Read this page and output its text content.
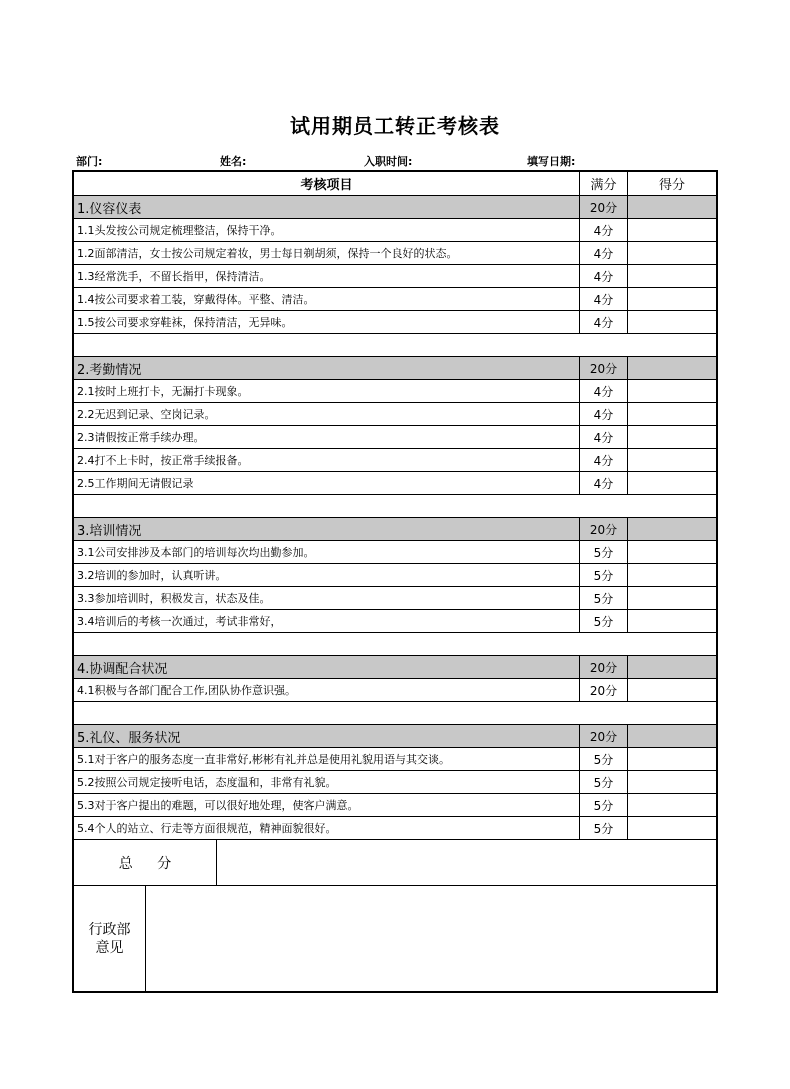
试用期员工转正考核表
部门:	姓名:	入职时间:	填写日期:
考核项目	满分	得分
1.仪容仪表	20分
1.1头发按公司规定梳理整洁，保持干净。	4分
1.2面部清洁，女士按公司规定着妆，男士每日剃胡须，保持一个良好的状态。	4分
1.3经常洗手，不留长指甲，保持清洁。	4分
1.4按公司要求着工装，穿戴得体。平整、清洁。	4分
1.5按公司要求穿鞋袜，保持清洁，无异味。	4分
2.考勤情况	20分
2.1按时上班打卡，无漏打卡现象。	4分
2.2无迟到记录、空岗记录。	4分
2.3请假按正常手续办理。	4分
2.4打不上卡时，按正常手续报备。	4分
2.5工作期间无请假记录	4分
3.培训情况	20分
3.1公司安排涉及本部门的培训每次均出勤参加。	5分
3.2培训的参加时，认真听讲。	5分
3.3参加培训时，积极发言，状态及佳。	5分
3.4培训后的考核一次通过，考试非常好，	5分
4.协调配合状况	20分
4.1积极与各部门配合工作,团队协作意识强。	20分
5.礼仪、服务状况	20分
5.1对于客户的服务态度一直非常好,彬彬有礼并总是使用礼貌用语与其交谈。	5分
5.2按照公司规定接听电话，态度温和，非常有礼貌。	5分
5.3对于客户提出的难题，可以很好地处理，使客户满意。	5分
5.4个人的站立、行走等方面很规范，精神面貌很好。	5分
总 分
行政部
意见
